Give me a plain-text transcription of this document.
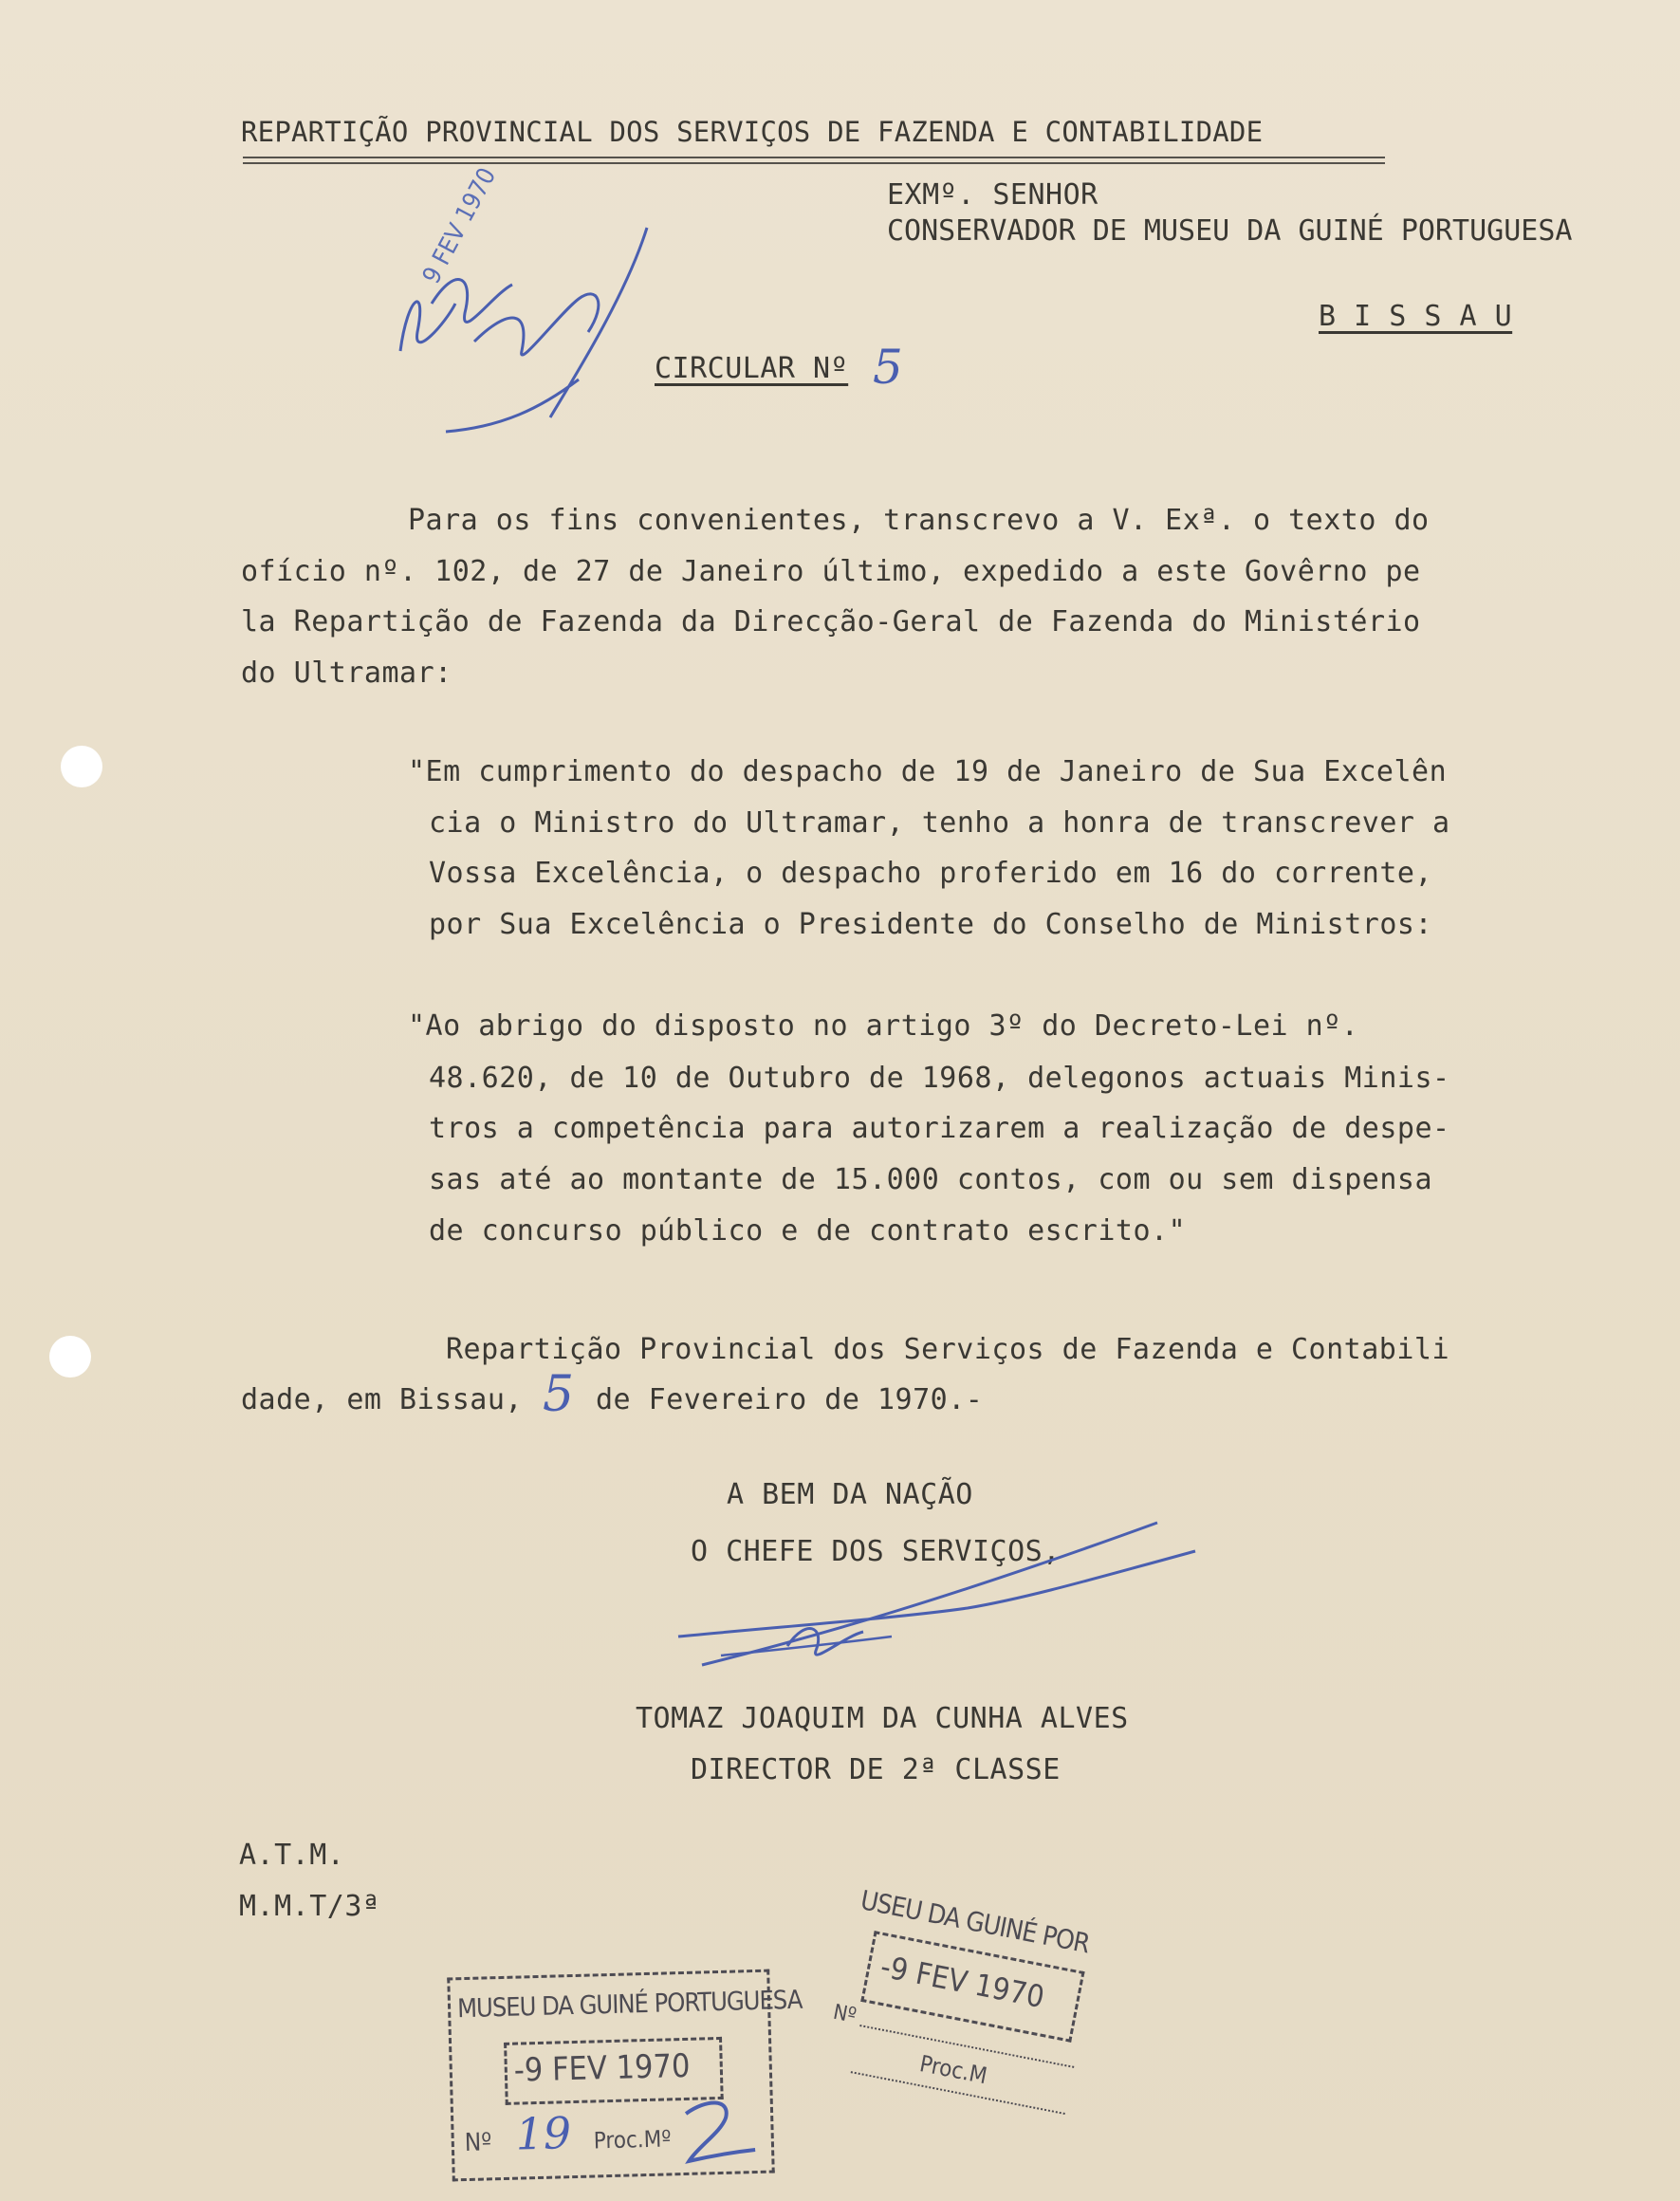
REPARTIÇÃO PROVINCIAL DOS SERVIÇOS DE FAZENDA E CONTABILIDADE
EXMº. SENHOR
CONSERVADOR DE MUSEU DA GUINÉ PORTUGUESA
B I S S A U
9 FEV 1970
CIRCULAR Nº 5
Para os fins convenientes, transcrevo a V. Exª. o texto do
ofício nº. 102, de 27 de Janeiro último, expedido a este Govêrno pe
la Repartição de Fazenda da Direcção-Geral de Fazenda do Ministério
do Ultramar:
"Em cumprimento do despacho de 19 de Janeiro de Sua Excelên
cia o Ministro do Ultramar, tenho a honra de transcrever a
Vossa Excelência, o despacho proferido em 16 do corrente,
por Sua Excelência o Presidente do Conselho de Ministros:
"Ao abrigo do disposto no artigo 3º do Decreto-Lei nº.
48.620, de 10 de Outubro de 1968, delegonos actuais Minis-
tros a competência para autorizarem a realização de despe-
sas até ao montante de 15.000 contos, com ou sem dispensa
de concurso público e de contrato escrito."
Repartição Provincial dos Serviços de Fazenda e Contabili
dade, em Bissau, 5 de Fevereiro de 1970.-
A BEM DA NAÇÃO
O CHEFE DOS SERVIÇOS,
TOMAZ JOAQUIM DA CUNHA ALVES
DIRECTOR DE 2ª CLASSE
A.T.M.
M.M.T/3ª
MUSEU DA GUINÉ PORTUGUESA
-9 FEV 1970
Nº 19 Proc.Mº
USEU DA GUINÉ POR
-9 FEV 1970
Nº
Proc.M
